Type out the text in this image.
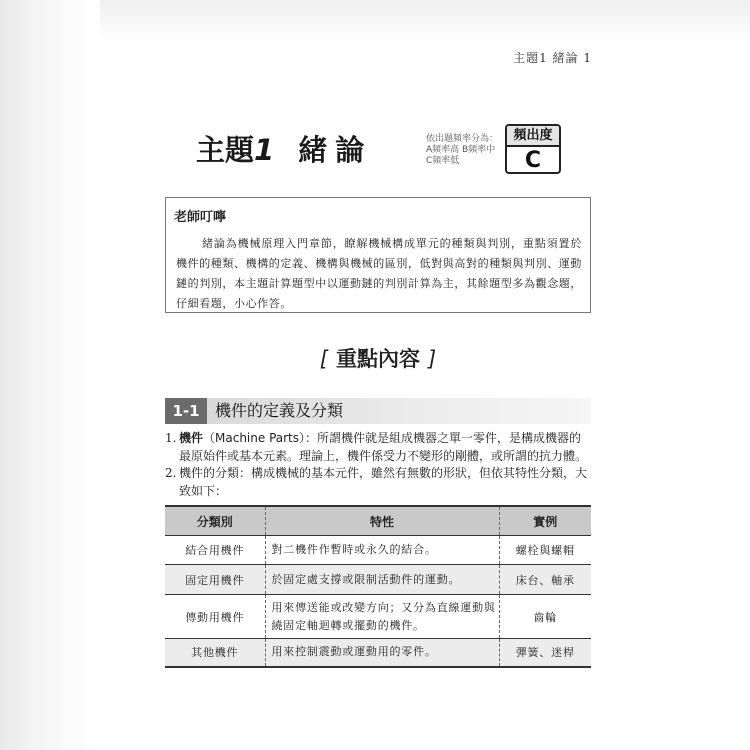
主題1 緒論 1
主題1 緒論	依出題頻率分為：
A頻率高 B頻率中
C頻率低
頻出度
C
老師叮嚀
緒論為機械原理入門章節，瞭解機械構成單元的種類與判別，重點須置於機件的種類、機構的定義、機構與機械的區別，低對與高對的種類與判別、運動鏈的判別，本主題計算題型中以運動鏈的判別計算為主，其餘題型多為觀念題，仔細看題，小心作答。
[ 重點內容 ]
1-1 機件的定義及分類
1. 機件（Machine Parts）：所謂機件就是組成機器之單一零件，是構成機器的最原始件或基本元素。理論上，機件係受力不變形的剛體，或所謂的抗力體。
2. 機件的分類：構成機械的基本元件，雖然有無數的形狀，但依其特性分類，大致如下：
分類別	特性	實例
結合用機件	對二機件作暫時或永久的結合。	螺栓與螺帽
固定用機件	於固定處支撐或限制活動件的運動。	床台、軸承
傳動用機件	用來傳送能或改變方向；又分為直線運動與繞固定軸迴轉或擺動的機件。	齒輪
其他機件	用來控制震動或運動用的零件。	彈簧、迷桿
